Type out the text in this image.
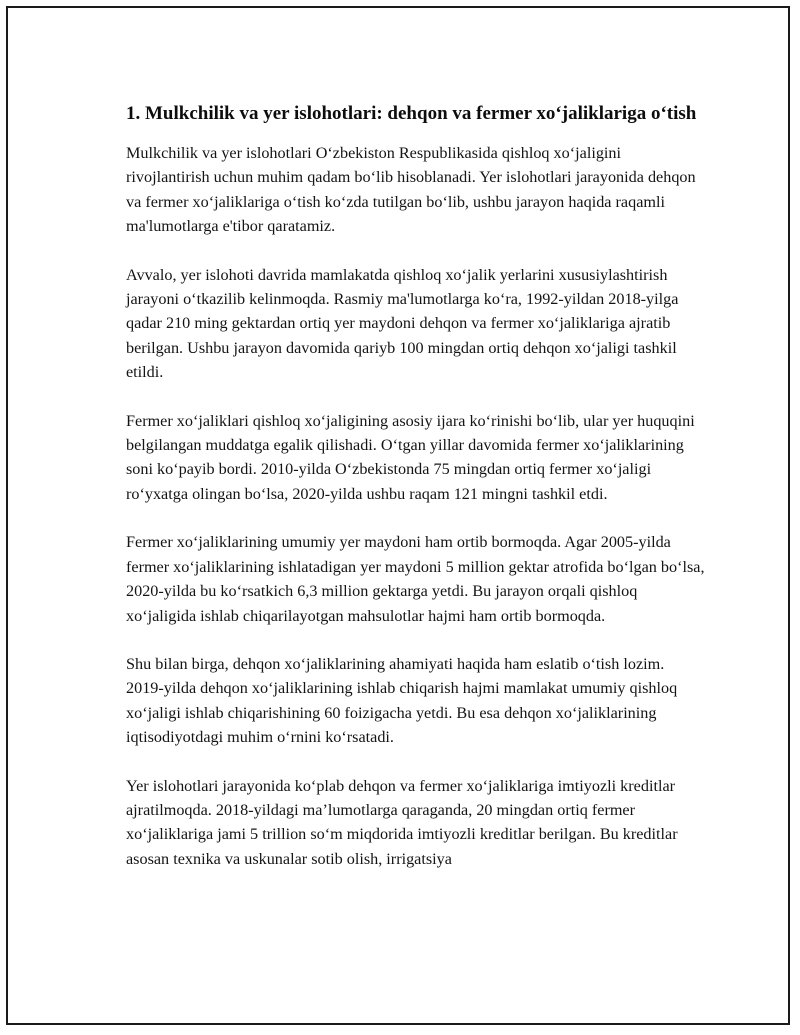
1. Mulkchilik va yer islohotlari: dehqon va fermer xo‘jaliklariga o‘tish

Mulkchilik va yer islohotlari O‘zbekiston Respublikasida qishloq xo‘jaligini rivojlantirish uchun muhim qadam bo‘lib hisoblanadi. Yer islohotlari jarayonida dehqon va fermer xo‘jaliklariga o‘tish ko‘zda tutilgan bo‘lib, ushbu jarayon haqida raqamli ma'lumotlarga e'tibor qaratamiz.

Avvalo, yer islohoti davrida mamlakatda qishloq xo‘jalik yerlarini xususiylashtirish jarayoni o‘tkazilib kelinmoqda. Rasmiy ma'lumotlarga ko‘ra, 1992-yildan 2018-yilga qadar 210 ming gektardan ortiq yer maydoni dehqon va fermer xo‘jaliklariga ajratib berilgan. Ushbu jarayon davomida qariyb 100 mingdan ortiq dehqon xo‘jaligi tashkil etildi.

Fermer xo‘jaliklari qishloq xo‘jaligining asosiy ijara ko‘rinishi bo‘lib, ular yer huquqini belgilangan muddatga egalik qilishadi. O‘tgan yillar davomida fermer xo‘jaliklarining soni ko‘payib bordi. 2010-yilda O‘zbekistonda 75 mingdan ortiq fermer xo‘jaligi ro‘yxatga olingan bo‘lsa, 2020-yilda ushbu raqam 121 mingni tashkil etdi.

Fermer xo‘jaliklarining umumiy yer maydoni ham ortib bormoqda. Agar 2005-yilda fermer xo‘jaliklarining ishlatadigan yer maydoni 5 million gektar atrofida bo‘lgan bo‘lsa, 2020-yilda bu ko‘rsatkich 6,3 million gektarga yetdi. Bu jarayon orqali qishloq xo‘jaligida ishlab chiqarilayotgan mahsulotlar hajmi ham ortib bormoqda.

Shu bilan birga, dehqon xo‘jaliklarining ahamiyati haqida ham eslatib o‘tish lozim. 2019-yilda dehqon xo‘jaliklarining ishlab chiqarish hajmi mamlakat umumiy qishloq xo‘jaligi ishlab chiqarishining 60 foizigacha yetdi. Bu esa dehqon xo‘jaliklarining iqtisodiyotdagi muhim o‘rnini ko‘rsatadi.

Yer islohotlari jarayonida ko‘plab dehqon va fermer xo‘jaliklariga imtiyozli kreditlar ajratilmoqda. 2018-yildagi ma’lumotlarga qaraganda, 20 mingdan ortiq fermer xo‘jaliklariga jami 5 trillion so‘m miqdorida imtiyozli kreditlar berilgan. Bu kreditlar asosan texnika va uskunalar sotib olish, irrigatsiya
